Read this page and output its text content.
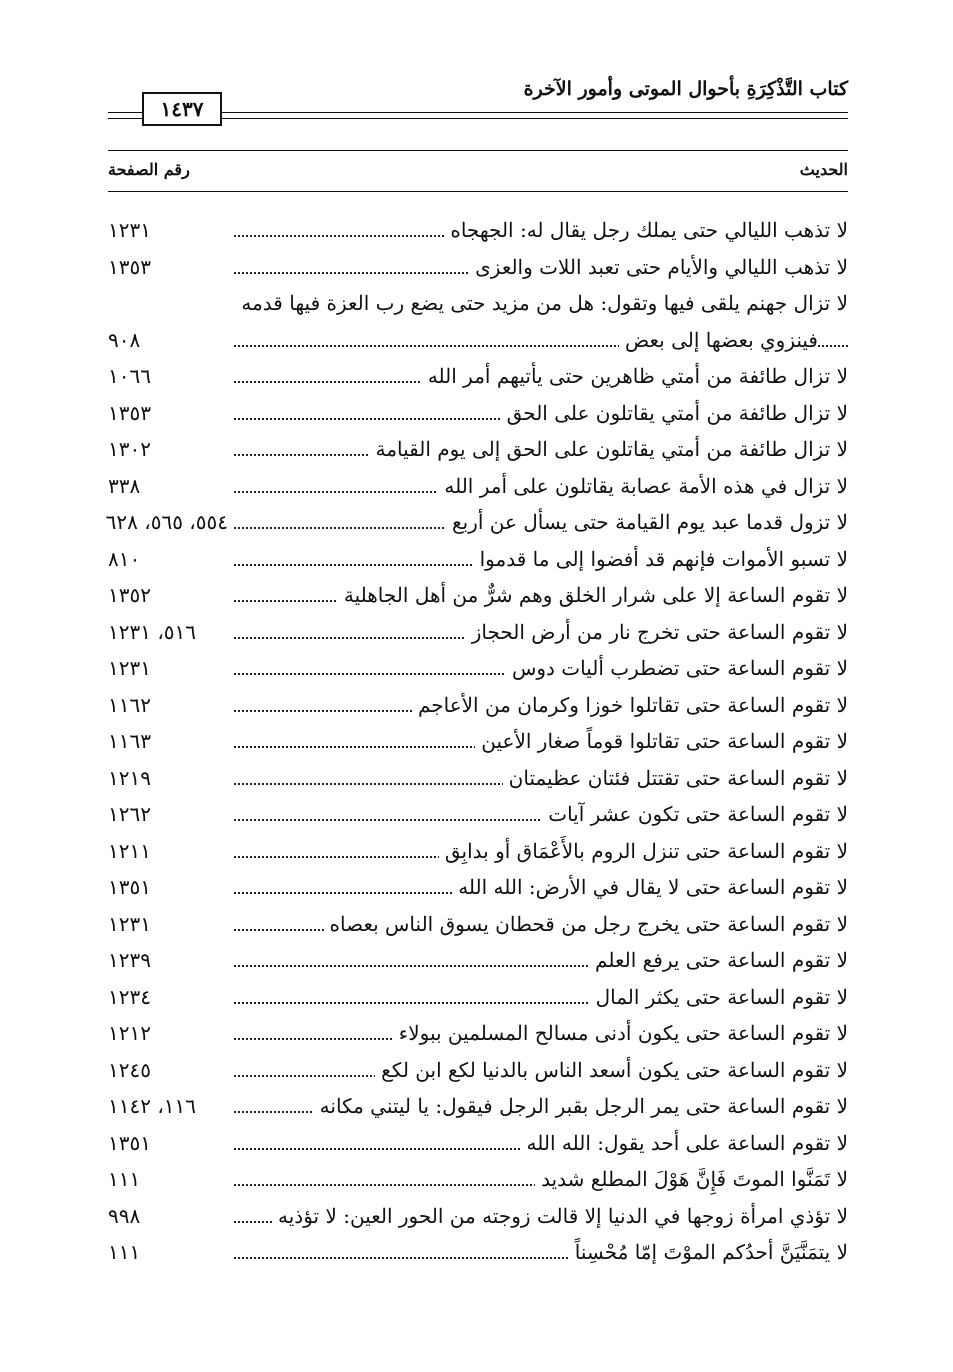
كتاب التَّذْكِرَةِ بأحوال الموتى وأمور الآخرة
١٤٣٧
الحديث
رقم الصفحة
لا تذهب الليالي حتى يملك رجل يقال له: الجهجاه
١٢٣١
لا تذهب الليالي والأيام حتى تعبد اللات والعزى
١٣٥٣
لا تزال جهنم يلقى فيها وتقول: هل من مزيد حتى يضع رب العزة فيها قدمه
فينزوي بعضها إلى بعض
٩٠٨
لا تزال طائفة من أمتي ظاهرين حتى يأتيهم أمر الله
١٠٦٦
لا تزال طائفة من أمتي يقاتلون على الحق
١٣٥٣
لا تزال طائفة من أمتي يقاتلون على الحق إلى يوم القيامة
١٣٠٢
لا تزال في هذه الأمة عصابة يقاتلون على أمر الله
٣٣٨
لا تزول قدما عبد يوم القيامة حتى يسأل عن أربع
٥٥٤، ٥٦٥، ٦٢٨
لا تسبو الأموات فإنهم قد أفضوا إلى ما قدموا
٨١٠
لا تقوم الساعة إلا على شرار الخلق وهم شرٌّ من أهل الجاهلية
١٣٥٢
لا تقوم الساعة حتى تخرج نار من أرض الحجاز
٥١٦، ١٢٣١
لا تقوم الساعة حتى تضطرب أليات دوس
١٢٣١
لا تقوم الساعة حتى تقاتلوا خوزا وكرمان من الأعاجم
١١٦٢
لا تقوم الساعة حتى تقاتلوا قوماً صغار الأعين
١١٦٣
لا تقوم الساعة حتى تقتتل فئتان عظيمتان
١٢١٩
لا تقوم الساعة حتى تكون عشر آيات
١٢٦٢
لا تقوم الساعة حتى تنزل الروم بالأَعْمَاق أو بدابِق
١٢١١
لا تقوم الساعة حتى لا يقال في الأرض: الله الله
١٣٥١
لا تقوم الساعة حتى يخرج رجل من قحطان يسوق الناس بعصاه
١٢٣١
لا تقوم الساعة حتى يرفع العلم
١٢٣٩
لا تقوم الساعة حتى يكثر المال
١٢٣٤
لا تقوم الساعة حتى يكون أدنى مسالح المسلمين ببولاء
١٢١٢
لا تقوم الساعة حتى يكون أسعد الناس بالدنيا لكع ابن لكع
١٢٤٥
لا تقوم الساعة حتى يمر الرجل بقبر الرجل فيقول: يا ليتني مكانه
١١٦، ١١٤٢
لا تقوم الساعة على أحد يقول: الله الله
١٣٥١
لا تَمَنَّوا الموتَ فَإِنَّ هَوْلَ المطلع شديد
١١١
لا تؤذي امرأة زوجها في الدنيا إلا قالت زوجته من الحور العين: لا تؤذيه
٩٩٨
لا يتمَنَّيَنَّ أحدُكم الموْتَ إمّا مُحْسِناً
١١١
